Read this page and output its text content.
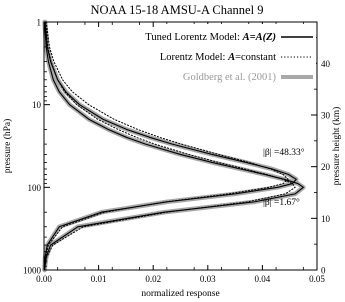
NOAA 15-18 AMSU-A Channel 9
0.00	0.01	0.02	0.03	0.04	0.05
1
10
100
1000	0
10
20
30
40
normalized response
pressure (hPa)	pressure height (km)
Tuned Lorentz Model: A=A(Z)
Lorentz Model: A=constant
Goldberg et al. (2001)
|β| =48.33°
|β| =1.67°
